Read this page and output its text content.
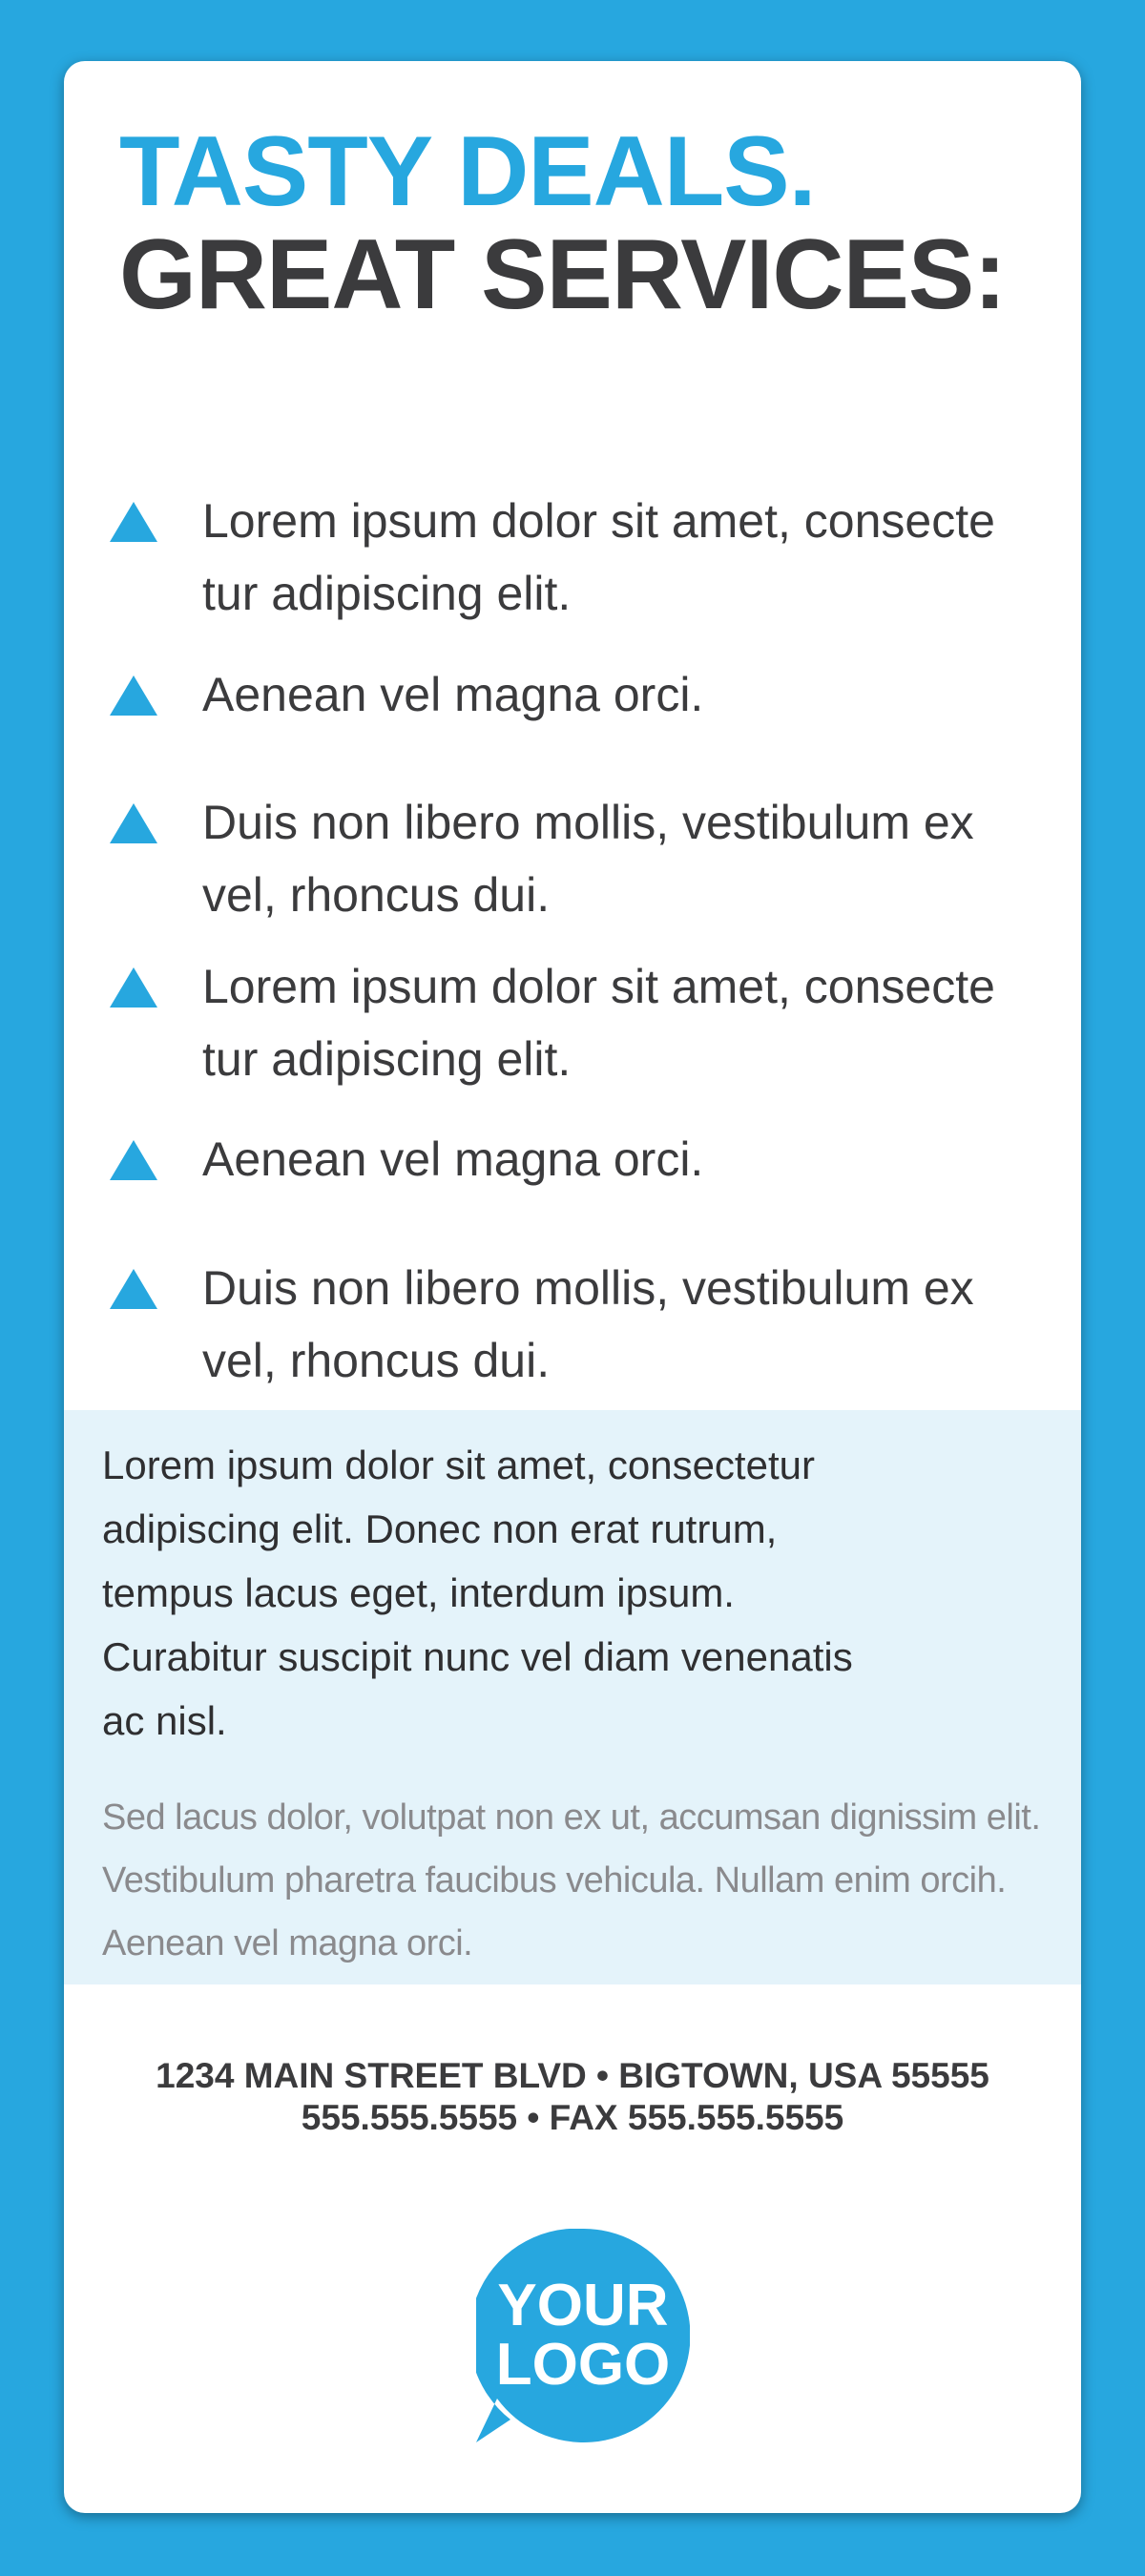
TASTY DEALS.
GREAT SERVICES:
Lorem ipsum dolor sit amet, consecte tur adipiscing elit.
Aenean vel magna orci.
Duis non libero mollis, vestibulum ex vel, rhoncus dui.
Lorem ipsum dolor sit amet, consecte tur adipiscing elit.
Aenean vel magna orci.
Duis non libero mollis, vestibulum ex vel, rhoncus dui.

Lorem ipsum dolor sit amet, consectetur adipiscing elit. Donec non erat rutrum, tempus lacus eget, interdum ipsum. Curabitur suscipit nunc vel diam venenatis ac nisl.

Sed lacus dolor, volutpat non ex ut, accumsan dignissim elit. Vestibulum pharetra faucibus vehicula. Nullam enim orcih. Aenean vel magna orci.

1234 MAIN STREET BLVD • BIGTOWN, USA 55555
555.555.5555 • FAX 555.555.5555
YOUR
LOGO
